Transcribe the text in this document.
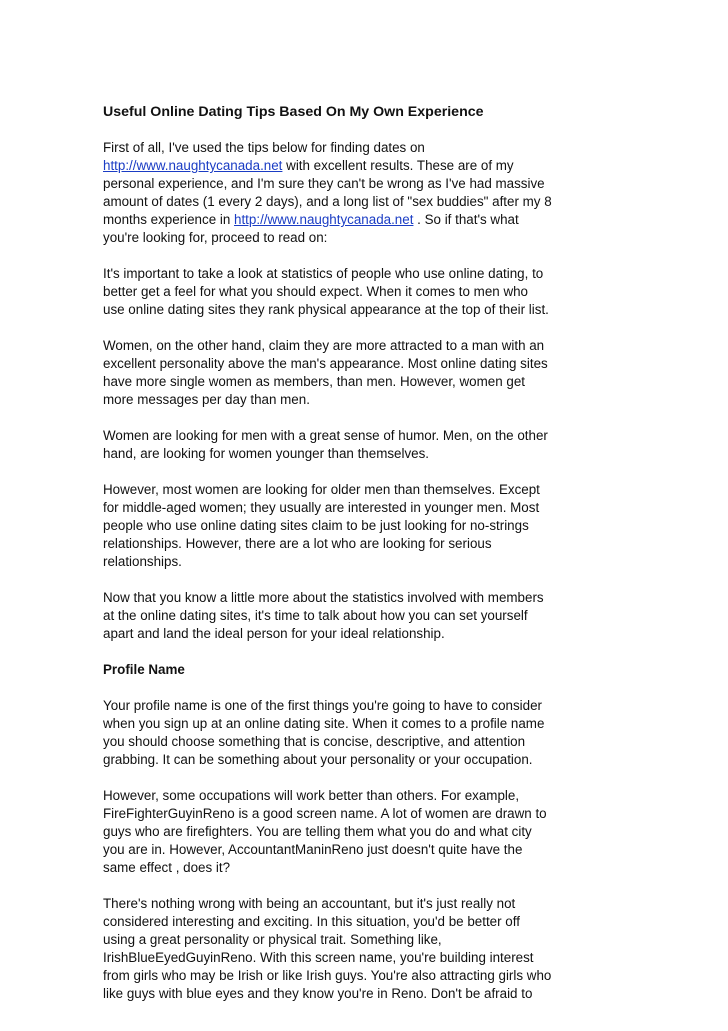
Useful Online Dating Tips Based On My Own Experience
First of all, I've used the tips below for finding dates on
http://www.naughtycanada.net with excellent results. These are of my
personal experience, and I'm sure they can't be wrong as I've had massive
amount of dates (1 every 2 days), and a long list of "sex buddies" after my 8
months experience in http://www.naughtycanada.net . So if that's what
you're looking for, proceed to read on:
It's important to take a look at statistics of people who use online dating, to
better get a feel for what you should expect. When it comes to men who
use online dating sites they rank physical appearance at the top of their list.
Women, on the other hand, claim they are more attracted to a man with an
excellent personality above the man's appearance. Most online dating sites
have more single women as members, than men. However, women get
more messages per day than men.
Women are looking for men with a great sense of humor. Men, on the other
hand, are looking for women younger than themselves.
However, most women are looking for older men than themselves. Except
for middle-aged women; they usually are interested in younger men. Most
people who use online dating sites claim to be just looking for no-strings
relationships. However, there are a lot who are looking for serious
relationships.
Now that you know a little more about the statistics involved with members
at the online dating sites, it's time to talk about how you can set yourself
apart and land the ideal person for your ideal relationship.
Profile Name
Your profile name is one of the first things you're going to have to consider
when you sign up at an online dating site. When it comes to a profile name
you should choose something that is concise, descriptive, and attention
grabbing. It can be something about your personality or your occupation.
However, some occupations will work better than others. For example,
FireFighterGuyinReno is a good screen name. A lot of women are drawn to
guys who are firefighters. You are telling them what you do and what city
you are in. However, AccountantManinReno just doesn't quite have the
same effect , does it?
There's nothing wrong with being an accountant, but it's just really not
considered interesting and exciting. In this situation, you'd be better off
using a great personality or physical trait. Something like,
IrishBlueEyedGuyinReno. With this screen name, you're building interest
from girls who may be Irish or like Irish guys. You're also attracting girls who
like guys with blue eyes and they know you're in Reno. Don't be afraid to
